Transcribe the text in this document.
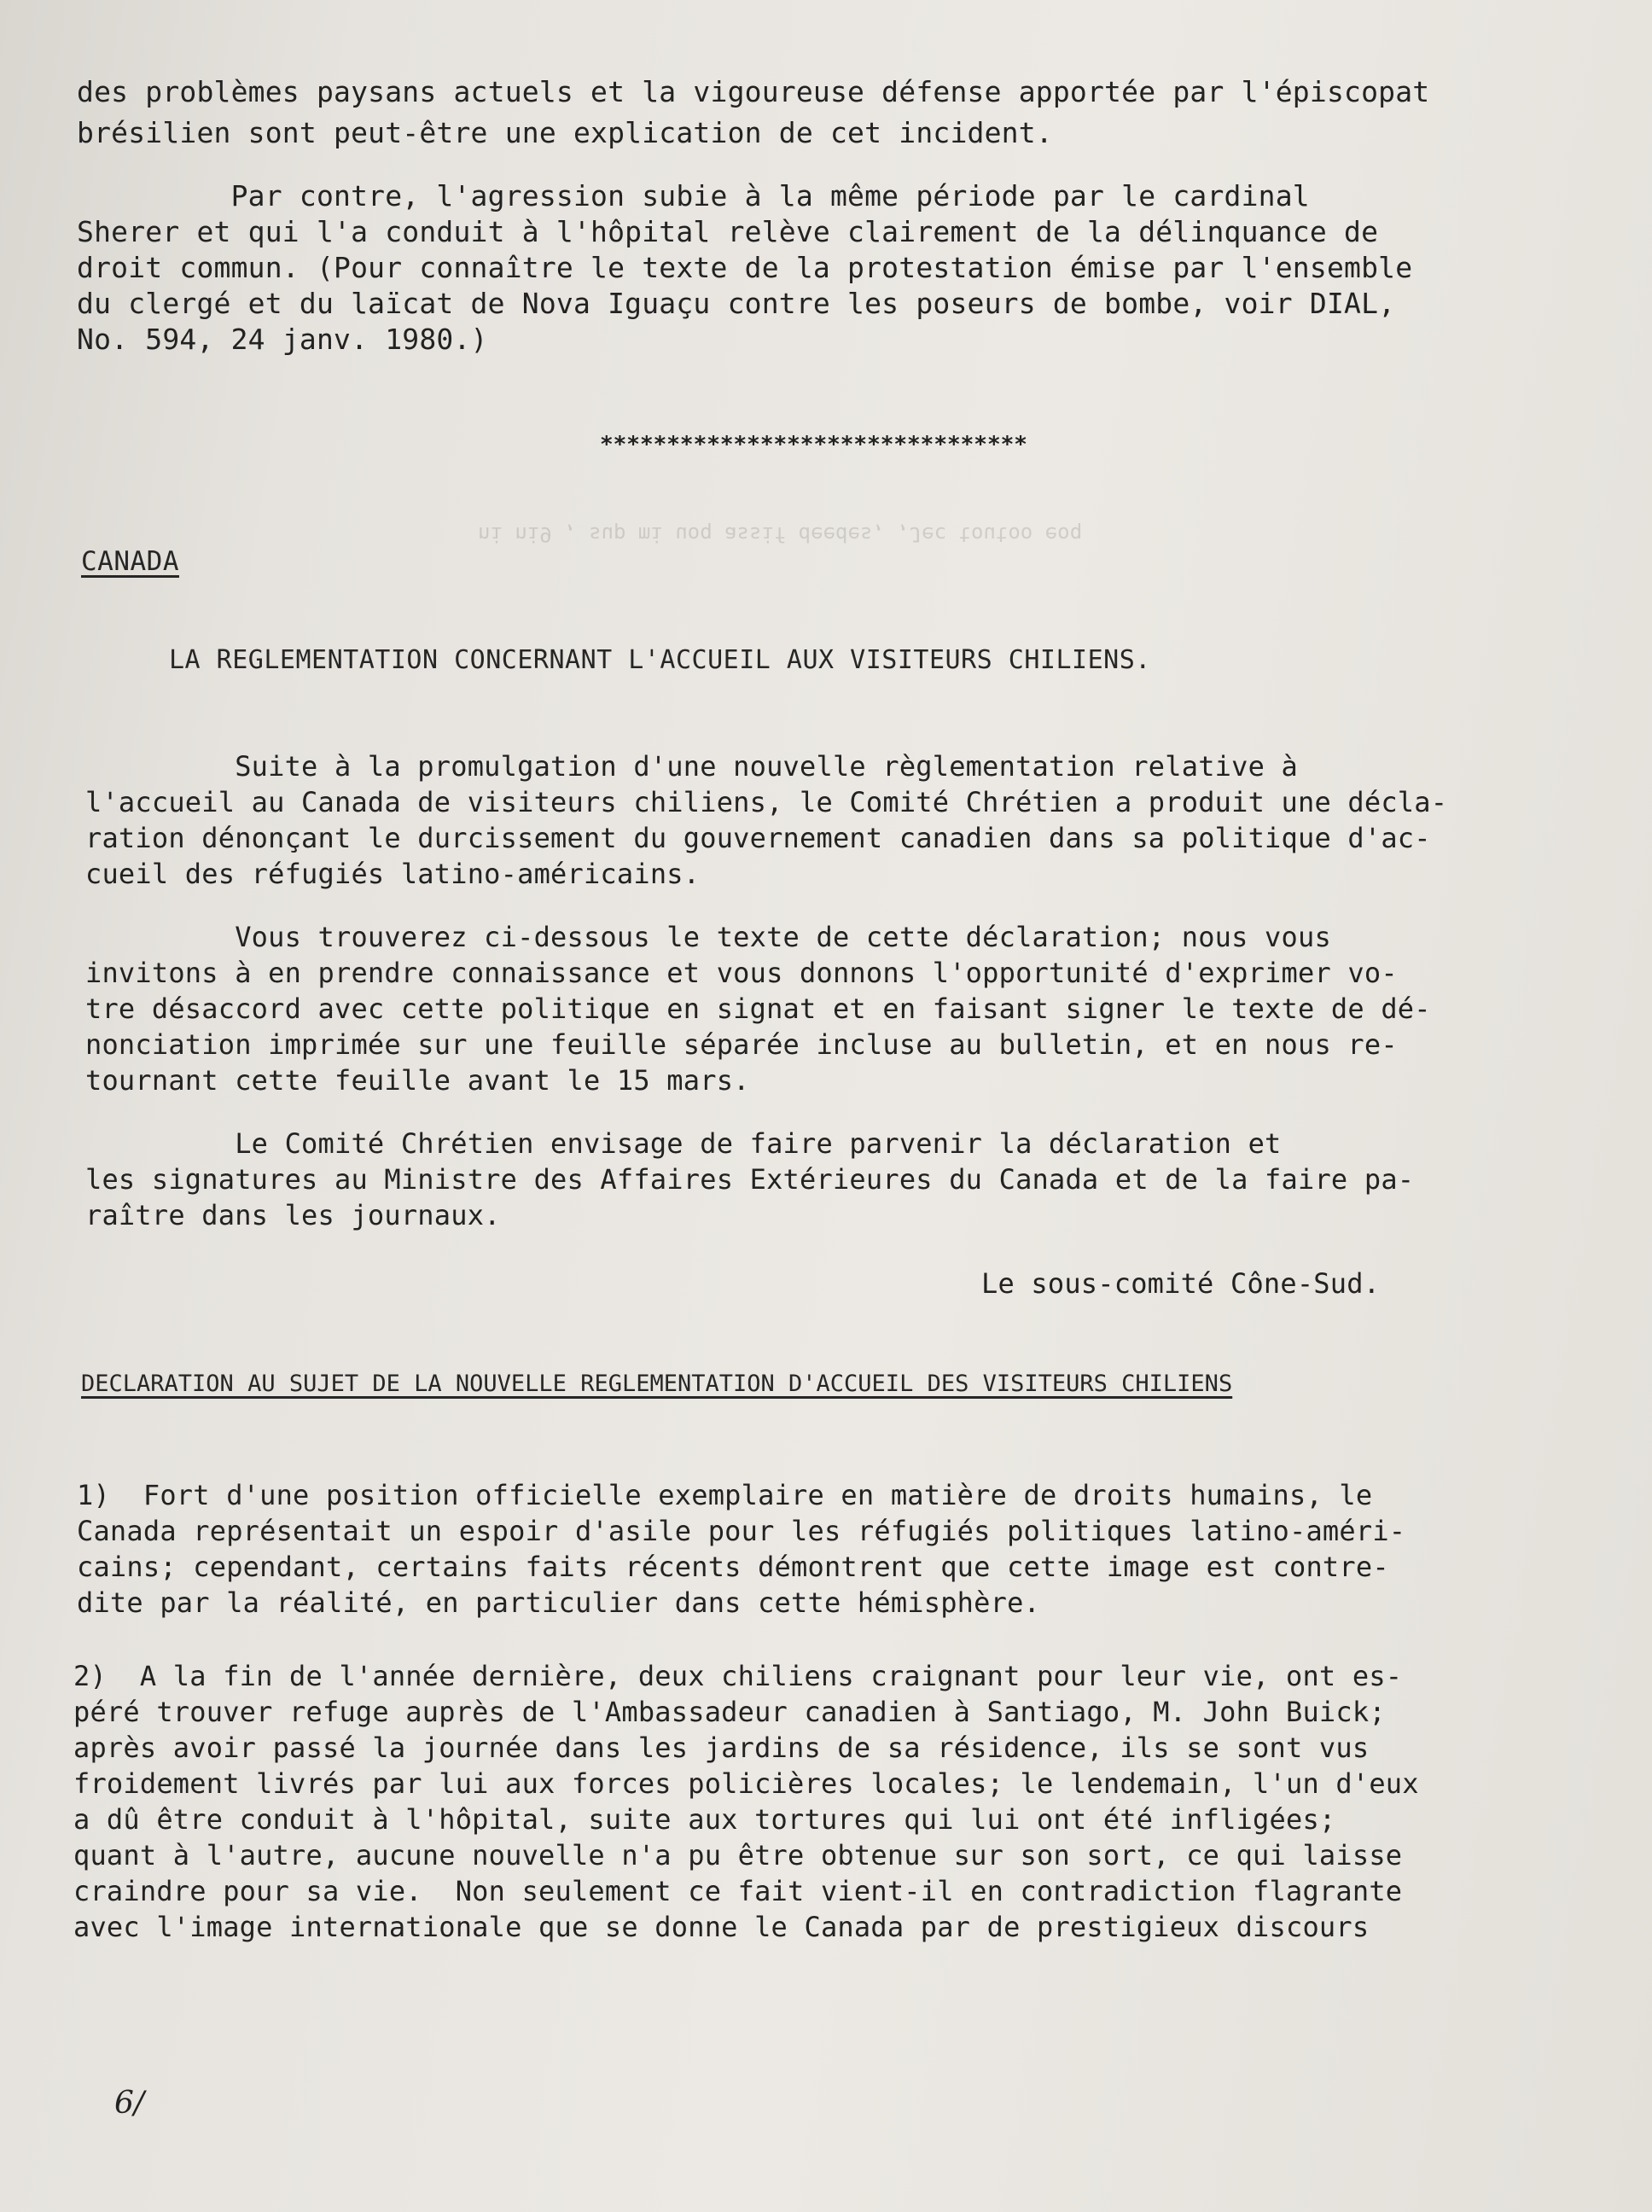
des problèmes paysans actuels et la vigoureuse défense apportée par l'épiscopat
brésilien sont peut-être une explication de cet incident.
Par contre, l'agression subie à la même période par le cardinal
Sherer et qui l'a conduit à l'hôpital relève clairement de la délinquance de
droit commun. (Pour connaître le texte de la protestation émise par l'ensemble
du clergé et du laïcat de Nova Iguaçu contre les poseurs de bombe, voir DIAL,
No. 594, 24 janv. 1980.)
********************************
ni ni9 , sup mi uoq assif deedes, ,Jec toutoo eoq
CANADA
LA REGLEMENTATION CONCERNANT L'ACCUEIL AUX VISITEURS CHILIENS.
Suite à la promulgation d'une nouvelle règlementation relative à
l'accueil au Canada de visiteurs chiliens, le Comité Chrétien a produit une décla-
ration dénonçant le durcissement du gouvernement canadien dans sa politique d'ac-
cueil des réfugiés latino-américains.
Vous trouverez ci-dessous le texte de cette déclaration; nous vous
invitons à en prendre connaissance et vous donnons l'opportunité d'exprimer vo-
tre désaccord avec cette politique en signat et en faisant signer le texte de dé-
nonciation imprimée sur une feuille séparée incluse au bulletin, et en nous re-
tournant cette feuille avant le 15 mars.
Le Comité Chrétien envisage de faire parvenir la déclaration et
les signatures au Ministre des Affaires Extérieures du Canada et de la faire pa-
raître dans les journaux.
Le sous-comité Cône-Sud.
DECLARATION AU SUJET DE LA NOUVELLE REGLEMENTATION D'ACCUEIL DES VISITEURS CHILIENS
1)  Fort d'une position officielle exemplaire en matière de droits humains, le
Canada représentait un espoir d'asile pour les réfugiés politiques latino-améri-
cains; cependant, certains faits récents démontrent que cette image est contre-
dite par la réalité, en particulier dans cette hémisphère.
2)  A la fin de l'année dernière, deux chiliens craignant pour leur vie, ont es-
péré trouver refuge auprès de l'Ambassadeur canadien à Santiago, M. John Buick;
après avoir passé la journée dans les jardins de sa résidence, ils se sont vus
froidement livrés par lui aux forces policières locales; le lendemain, l'un d'eux
a dû être conduit à l'hôpital, suite aux tortures qui lui ont été infligées;
quant à l'autre, aucune nouvelle n'a pu être obtenue sur son sort, ce qui laisse
craindre pour sa vie.  Non seulement ce fait vient-il en contradiction flagrante
avec l'image internationale que se donne le Canada par de prestigieux discours
6/
